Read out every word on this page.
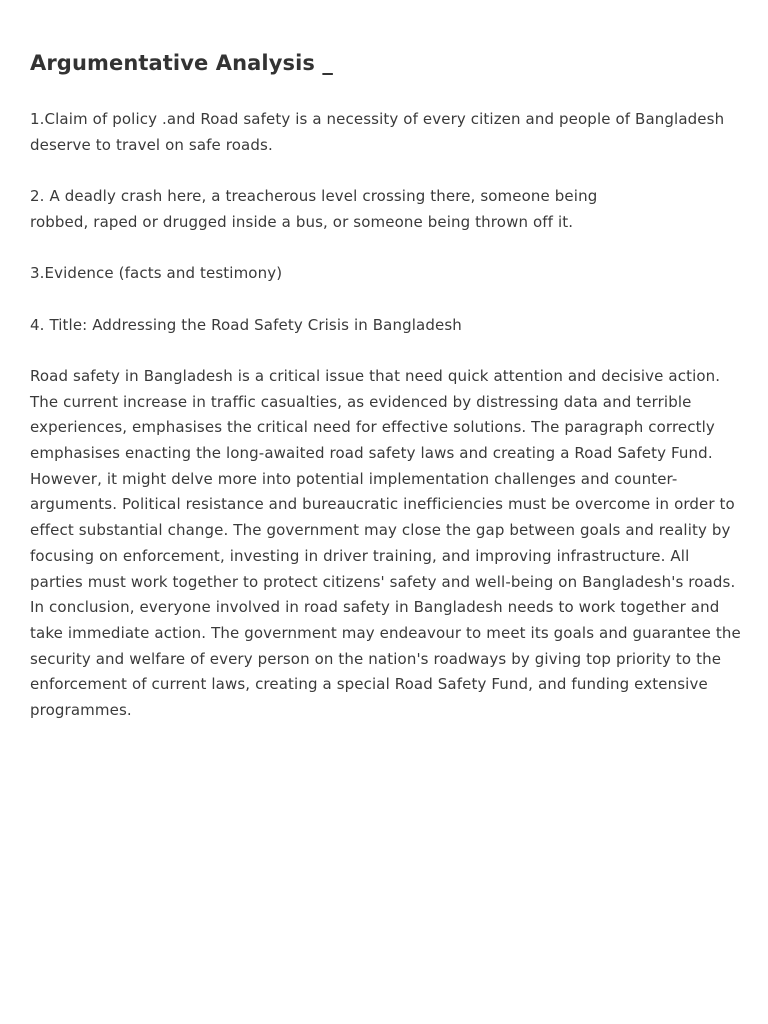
Argumentative Analysis _

1.Claim of policy .and Road safety is a necessity of every citizen and people of Bangladesh
deserve to travel on safe roads.

2. A deadly crash here, a treacherous level crossing there, someone being
robbed, raped or drugged inside a bus, or someone being thrown off it.

3.Evidence (facts and testimony)

4. Title: Addressing the Road Safety Crisis in Bangladesh

Road safety in Bangladesh is a critical issue that need quick attention and decisive action. The current increase in traffic casualties, as evidenced by distressing data and terrible experiences, emphasises the critical need for effective solutions. The paragraph correctly emphasises enacting the long-awaited road safety laws and creating a Road Safety Fund. However, it might delve more into potential implementation challenges and counter-arguments. Political resistance and bureaucratic inefficiencies must be overcome in order to effect substantial change. The government may close the gap between goals and reality by focusing on enforcement, investing in driver training, and improving infrastructure. All parties must work together to protect citizens' safety and well-being on Bangladesh's roads. In conclusion, everyone involved in road safety in Bangladesh needs to work together and take immediate action. The government may endeavour to meet its goals and guarantee the security and welfare of every person on the nation's roadways by giving top priority to the enforcement of current laws, creating a special Road Safety Fund, and funding extensive programmes.
